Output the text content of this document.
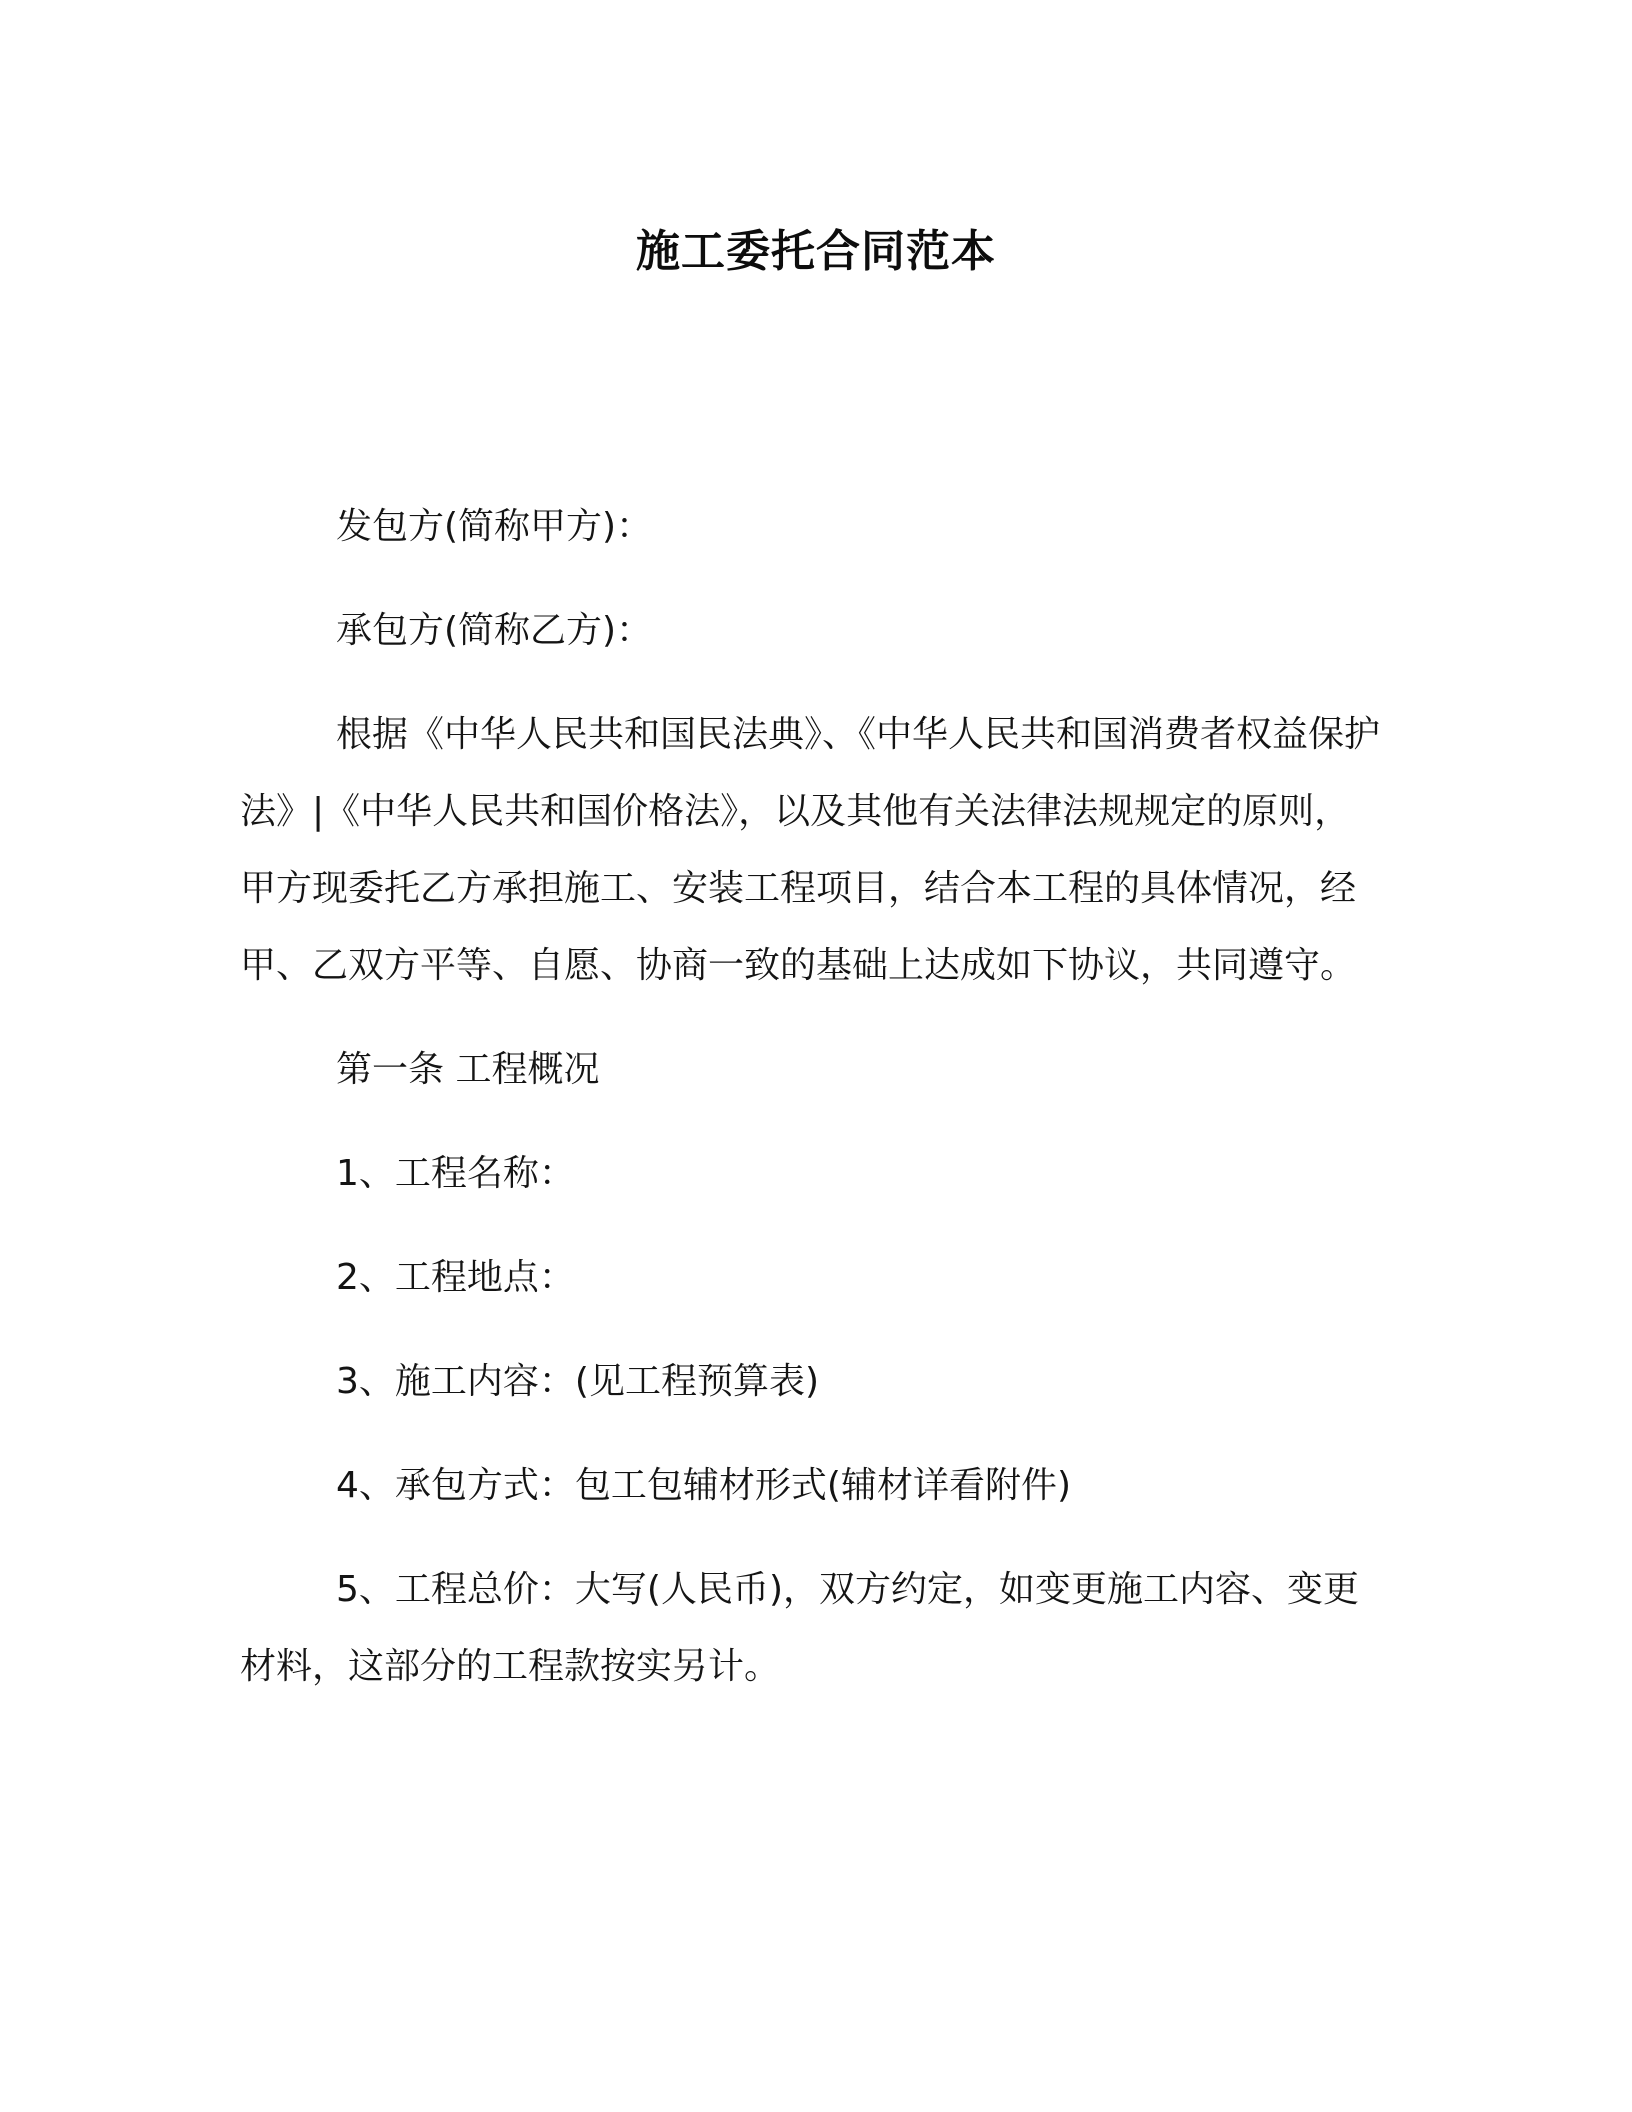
施工委托合同范本

发包方(简称甲方)：

承包方(简称乙方)：

根据《中华人民共和国民法典》、《中华人民共和国消费者权益保护法》|《中华人民共和国价格法》，以及其他有关法律法规规定的原则，甲方现委托乙方承担施工、安装工程项目，结合本工程的具体情况，经甲、乙双方平等、自愿、协商一致的基础上达成如下协议，共同遵守。

第一条 工程概况

1、工程名称：

2、工程地点：

3、施工内容：(见工程预算表)

4、承包方式：包工包辅材形式(辅材详看附件)

5、工程总价：大写(人民币)，双方约定，如变更施工内容、变更材料，这部分的工程款按实另计。
